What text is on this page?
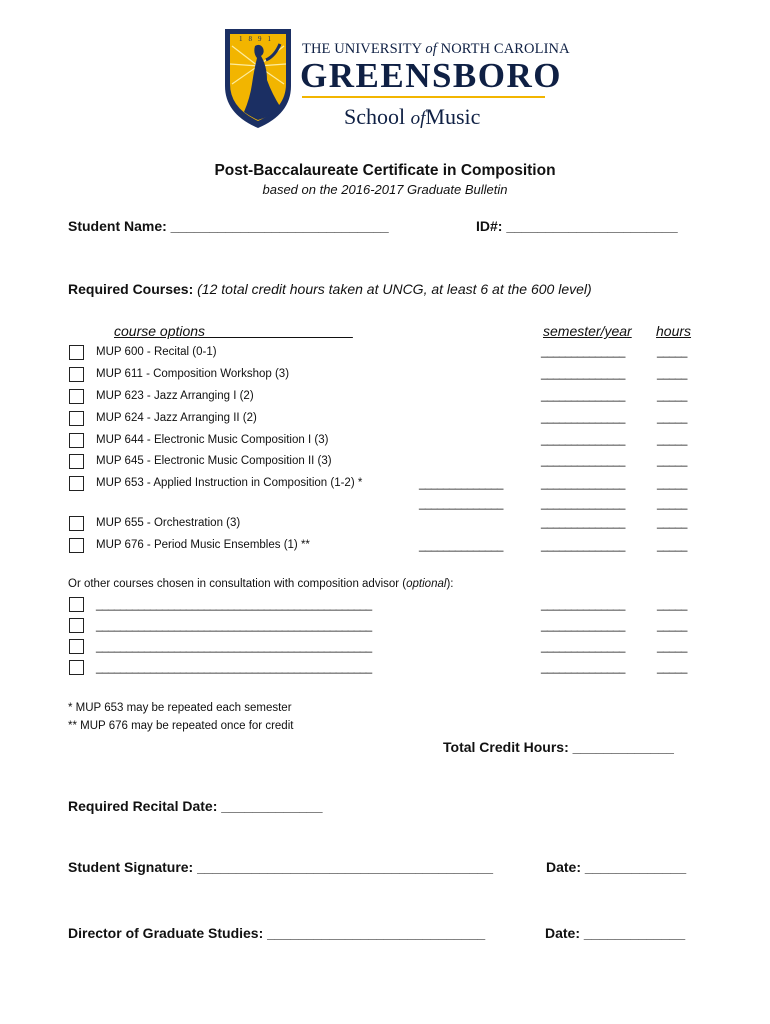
1891
THE UNIVERSITY of NORTH CAROLINA
GREENSBORO
School ofMusic
Post-Baccalaureate Certificate in Composition
based on the 2016-2017 Graduate Bulletin
Student Name: ____________________________	ID#: ______________________
Required Courses: (12 total credit hours taken at UNCG, at least 6 at the 600 level)
course options	semester/year hours
MUP 600 - Recital (0-1)	______________	_____
MUP 611 - Composition Workshop (3)	______________	_____
MUP 623 - Jazz Arranging I (2)	______________	_____
MUP 624 - Jazz Arranging II (2)	______________	_____
MUP 644 - Electronic Music Composition I (3)	______________	_____
MUP 645 - Electronic Music Composition II (3)	______________	_____
MUP 653 - Applied Instruction in Composition (1-2) *	______________	______________	_____
______________	______________	_____
MUP 655 - Orchestration (3)	______________	_____
MUP 676 - Period Music Ensembles (1) **	______________	______________	_____
Or other courses chosen in consultation with composition advisor (optional):
______________________________________________	______________	_____
______________________________________________	______________	_____
______________________________________________	______________	_____
______________________________________________	______________	_____
* MUP 653 may be repeated each semester
** MUP 676 may be repeated once for credit
Total Credit Hours: _____________
Required Recital Date: _____________
Student Signature: ______________________________________	Date: _____________
Director of Graduate Studies: ____________________________	Date: _____________
